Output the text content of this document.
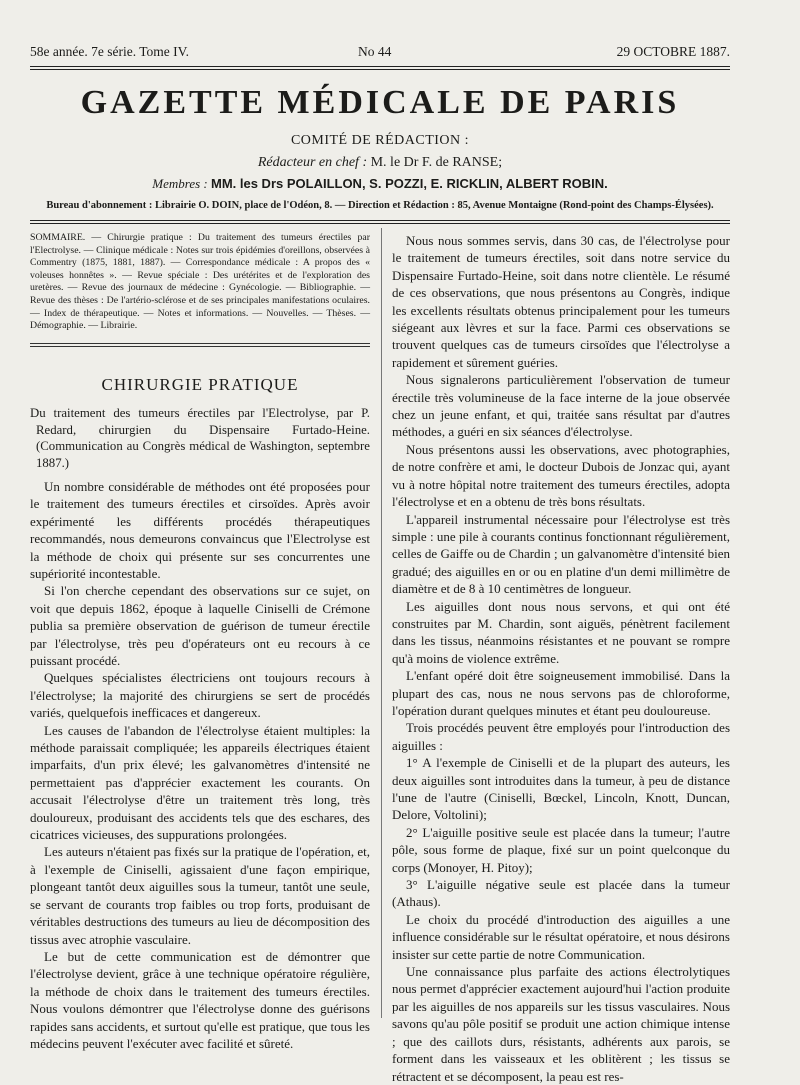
58e année. 7e série. Tome IV.	No 44	29 OCTOBRE 1887.
GAZETTE MÉDICALE DE PARIS
COMITÉ DE RÉDACTION :
Rédacteur en chef : M. le Dr F. de RANSE;
Membres : MM. les Drs POLAILLON, S. POZZI, E. RICKLIN, ALBERT ROBIN.
Bureau d'abonnement : Librairie O. DOIN, place de l'Odéon, 8. — Direction et Rédaction : 85, Avenue Montaigne (Rond-point des Champs-Élysées).
SOMMAIRE. — Chirurgie pratique : Du traitement des tumeurs érectiles par l'Electrolyse. — Clinique médicale : Notes sur trois épidémies d'oreillons, observées à Commentry (1875, 1881, 1887). — Correspondance médicale : A propos des « voleuses honnêtes ». — Revue spéciale : Des urétérites et de l'exploration des uretères. — Revue des journaux de médecine : Gynécologie. — Bibliographie. — Revue des thèses : De l'artério-sclérose et de ses principales manifestations oculaires. — Index de thérapeutique. — Notes et informations. — Nouvelles. — Thèses. — Démographie. — Librairie.
CHIRURGIE PRATIQUE
Du traitement des tumeurs érectiles par l'Electrolyse, par P. Redard, chirurgien du Dispensaire Furtado-Heine. (Communication au Congrès médical de Washington, septembre 1887.)

Un nombre considérable de méthodes ont été proposées pour le traitement des tumeurs érectiles et cirsoïdes. Après avoir expérimenté les différents procédés thérapeutiques recommandés, nous demeurons convaincus que l'Electrolyse est la méthode de choix qui présente sur ses concurrentes une supériorité incontestable.

Si l'on cherche cependant des observations sur ce sujet, on voit que depuis 1862, époque à laquelle Ciniselli de Crémone publia sa première observation de guérison de tumeur érectile par l'électrolyse, très peu d'opérateurs ont eu recours à ce puissant procédé.

Quelques spécialistes électriciens ont toujours recours à l'électrolyse; la majorité des chirurgiens se sert de procédés variés, quelquefois inefficaces et dangereux.

Les causes de l'abandon de l'électrolyse étaient multiples: la méthode paraissait compliquée; les appareils électriques étaient imparfaits, d'un prix élevé; les galvanomètres d'intensité ne permettaient pas d'apprécier exactement les courants. On accusait l'électrolyse d'être un traitement très long, très douloureux, produisant des accidents tels que des eschares, des cicatrices vicieuses, des suppurations prolongées.

Les auteurs n'étaient pas fixés sur la pratique de l'opération, et, à l'exemple de Ciniselli, agissaient d'une façon empirique, plongeant tantôt deux aiguilles sous la tumeur, tantôt une seule, se servant de courants trop faibles ou trop forts, produisant de véritables destructions des tumeurs au lieu de décomposition des tissus avec atrophie vasculaire.

Le but de cette communication est de démontrer que l'électrolyse devient, grâce à une technique opératoire régulière, la méthode de choix dans le traitement des tumeurs érectiles. Nous voulons démontrer que l'électrolyse donne des guérisons rapides sans accidents, et surtout qu'elle est pratique, que tous les médecins peuvent l'exécuter avec facilité et sûreté.

Nous nous sommes servis, dans 30 cas, de l'électrolyse pour le traitement de tumeurs érectiles, soit dans notre service du Dispensaire Furtado-Heine, soit dans notre clientèle. Le résumé de ces observations, que nous présentons au Congrès, indique les excellents résultats obtenus principalement pour les tumeurs siégeant aux lèvres et sur la face. Parmi ces observations se trouvent quelques cas de tumeurs cirsoïdes que l'électrolyse a rapidement et sûrement guéries.

Nous signalerons particulièrement l'observation de tumeur érectile très volumineuse de la face interne de la joue observée chez un jeune enfant, et qui, traitée sans résultat par d'autres méthodes, a guéri en six séances d'électrolyse.

Nous présentons aussi les observations, avec photographies, de notre confrère et ami, le docteur Dubois de Jonzac qui, ayant vu à notre hôpital notre traitement des tumeurs érectiles, adopta l'électrolyse et en a obtenu de très bons résultats.

L'appareil instrumental nécessaire pour l'électrolyse est très simple : une pile à courants continus fonctionnant régulièrement, celles de Gaiffe ou de Chardin ; un galvanomètre d'intensité bien gradué; des aiguilles en or ou en platine d'un demi millimètre de diamètre et de 8 à 10 centimètres de longueur.

Les aiguilles dont nous nous servons, et qui ont été construites par M. Chardin, sont aiguës, pénètrent facilement dans les tissus, néanmoins résistantes et ne pouvant se rompre qu'à moins de violence extrême.

L'enfant opéré doit être soigneusement immobilisé. Dans la plupart des cas, nous ne nous servons pas de chloroforme, l'opération durant quelques minutes et étant peu douloureuse.

Trois procédés peuvent être employés pour l'introduction des aiguilles :

1° A l'exemple de Ciniselli et de la plupart des auteurs, les deux aiguilles sont introduites dans la tumeur, à peu de distance l'une de l'autre (Ciniselli, Bœckel, Lincoln, Knott, Duncan, Delore, Voltolini);

2° L'aiguille positive seule est placée dans la tumeur; l'autre pôle, sous forme de plaque, fixé sur un point quelconque du corps (Monoyer, H. Pitoy);

3° L'aiguille négative seule est placée dans la tumeur (Athaus).

Le choix du procédé d'introduction des aiguilles a une influence considérable sur le résultat opératoire, et nous désirons insister sur cette partie de notre Communication.

Une connaissance plus parfaite des actions électrolytiques nous permet d'apprécier exactement aujourd'hui l'action produite par les aiguilles de nos appareils sur les tissus vasculaires. Nous savons qu'au pôle positif se produit une action chimique intense ; que des caillots durs, résistants, adhérents aux parois, se forment dans les vaisseaux et les oblitèrent ; les tissus se rétractent et se décomposent, la peau est res-
